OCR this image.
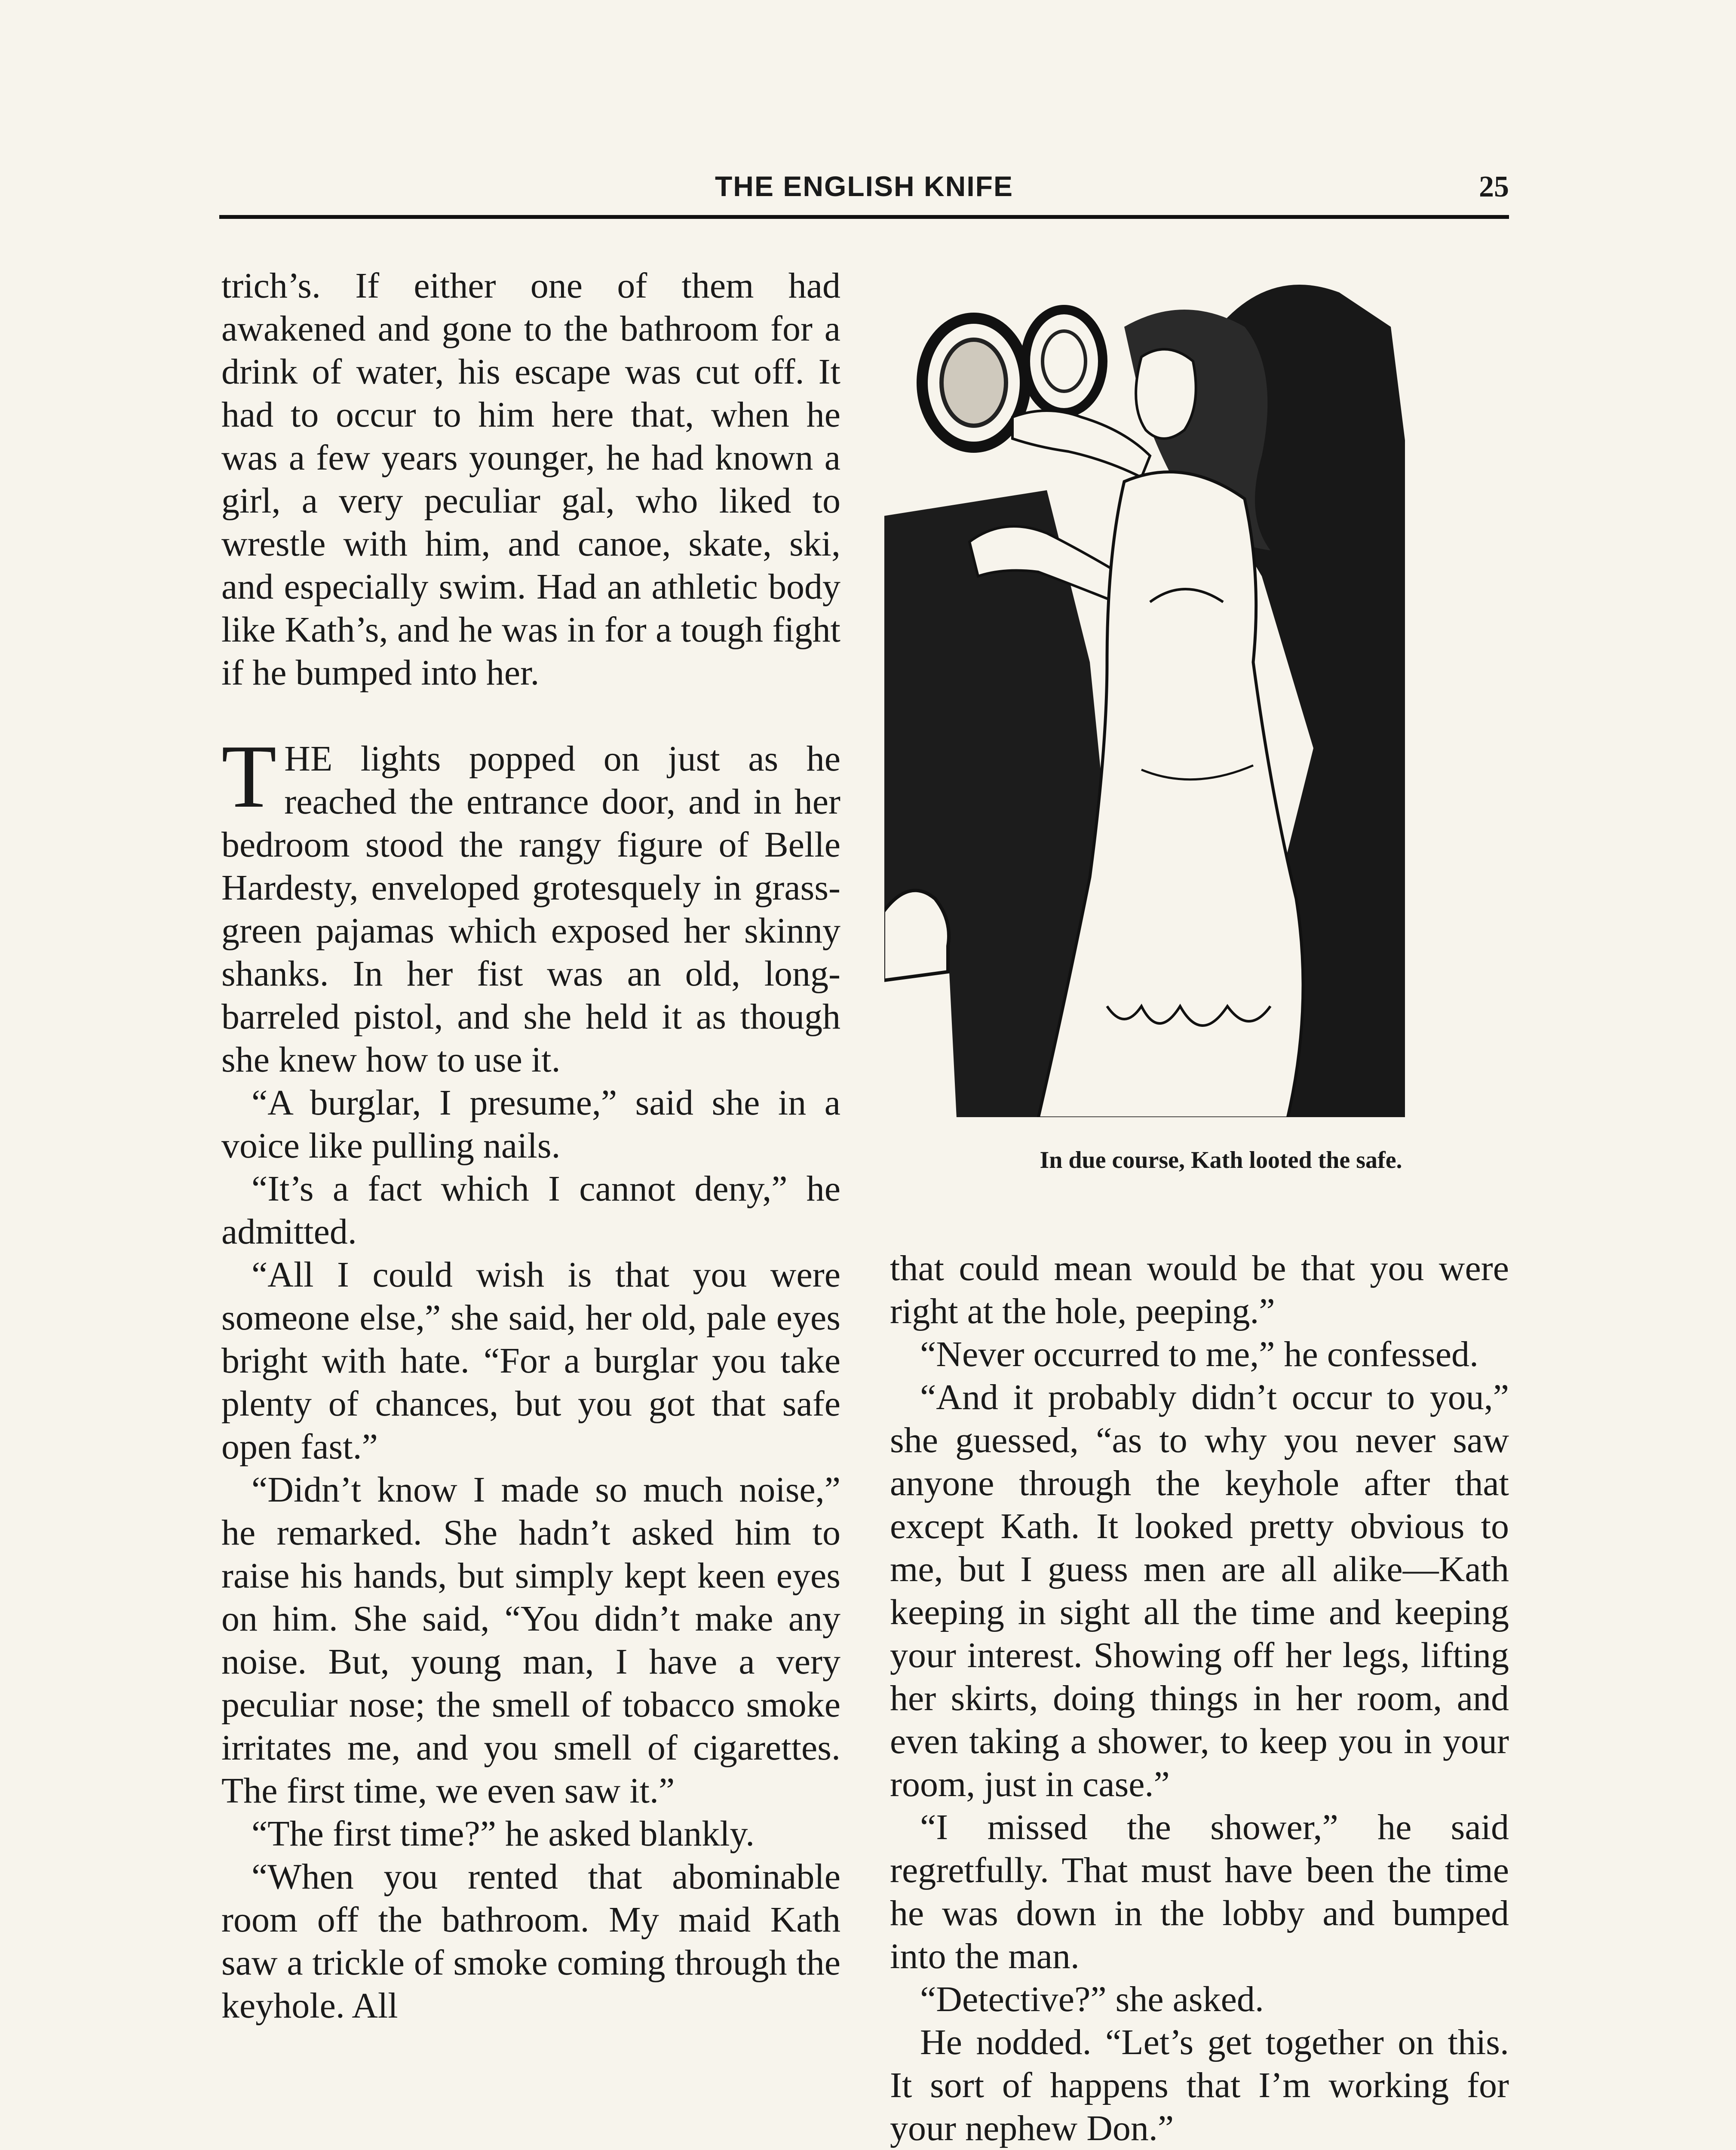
THE ENGLISH KNIFE	25

trich’s. If either one of them had awakened and gone to the bathroom for a drink of water, his escape was cut off. It had to occur to him here that, when he was a few years younger, he had known a girl, a very peculiar gal, who liked to wrestle with him, and canoe, skate, ski, and especially swim. Had an athletic body like Kath’s, and he was in for a tough fight if he bumped into her.

THE lights popped on just as he reached the entrance door, and in her bedroom stood the rangy figure of Belle Hardesty, enveloped grotesquely in grass-green pajamas which exposed her skinny shanks. In her fist was an old, long-barreled pistol, and she held it as though she knew how to use it.

“A burglar, I presume,” said she in a voice like pulling nails.

“It’s a fact which I cannot deny,” he admitted.

“All I could wish is that you were someone else,” she said, her old, pale eyes bright with hate. “For a burglar you take plenty of chances, but you got that safe open fast.”

“Didn’t know I made so much noise,” he remarked. She hadn’t asked him to raise his hands, but simply kept keen eyes on him. She said, “You didn’t make any noise. But, young man, I have a very peculiar nose; the smell of tobacco smoke irritates me, and you smell of cigarettes. The first time, we even saw it.”

“The first time?” he asked blankly.

“When you rented that abominable room off the bathroom. My maid Kath saw a trickle of smoke coming through the keyhole. All

In due course, Kath looted the safe.

that could mean would be that you were right at the hole, peeping.”

“Never occurred to me,” he confessed.

“And it probably didn’t occur to you,” she guessed, “as to why you never saw anyone through the keyhole after that except Kath. It looked pretty obvious to me, but I guess men are all alike—Kath keeping in sight all the time and keeping your interest. Showing off her legs, lifting her skirts, doing things in her room, and even taking a shower, to keep you in your room, just in case.”

“I missed the shower,” he said regretfully. That must have been the time he was down in the lobby and bumped into the man.

“Detective?” she asked.

He nodded. “Let’s get together on this. It sort of happens that I’m working for your nephew Don.”
